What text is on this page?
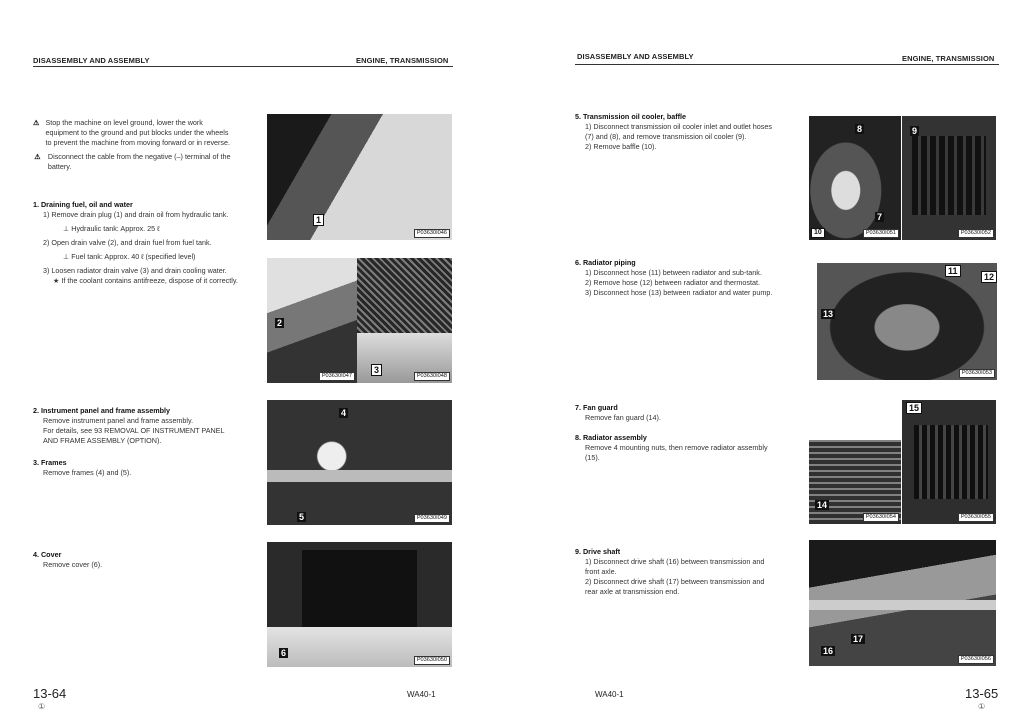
DISASSEMBLY AND ASSEMBLY	ENGINE, TRANSMISSION
⚠ Stop the machine on level ground, lower the work equipment to the ground and put blocks under the wheels to prevent the machine from moving forward or in reverse.
⚠	Disconnect the cable from the negative (–) terminal of the battery.
1. Draining fuel, oil and water
1) Remove drain plug (1) and drain oil from hydraulic tank.
⊥ Hydraulic tank: Approx. 25 ℓ
2) Open drain valve (2), and drain fuel from fuel tank.
⊥ Fuel tank: Approx. 40 ℓ (specified level)
3) Loosen radiator drain valve (3) and drain cooling water.
★ If the coolant contains antifreeze, dispose of it correctly.
2. Instrument panel and frame assembly
Remove instrument panel and frame assembly.
For details, see 93 REMOVAL OF INSTRUMENT PANEL AND FRAME ASSEMBLY (OPTION).
3. Frames
Remove frames (4) and (5).
4. Cover
Remove cover (6).
1
P03630I046
2
P03630I047
3
P03630I048
4
5	P03630I049
6
P03630I050
13-64
①
WA40-1
DISASSEMBLY AND ASSEMBLY	ENGINE, TRANSMISSION
5. Transmission oil cooler, baffle
1) Disconnect transmission oil cooler inlet and outlet hoses (7) and (8), and remove transmission oil cooler (9).
2) Remove baffle (10).
6. Radiator piping
1) Disconnect hose (11) between radiator and sub-tank.
2) Remove hose (12) between radiator and thermostat.
3) Disconnect hose (13) between radiator and water pump.
7. Fan guard
Remove fan guard (14).
8. Radiator assembly
Remove 4 mounting nuts, then remove radiator assembly (15).
9. Drive shaft
1) Disconnect drive shaft (16) between transmission and front axle.
2) Disconnect drive shaft (17) between transmission and rear axle at transmission end.
8
7
10	P03630I051
9
P03630I052
11
12
13
P03630I053
14
P03630I054
15
P03630I055
17
16
P03630I056
WA40-1	13-65
①
